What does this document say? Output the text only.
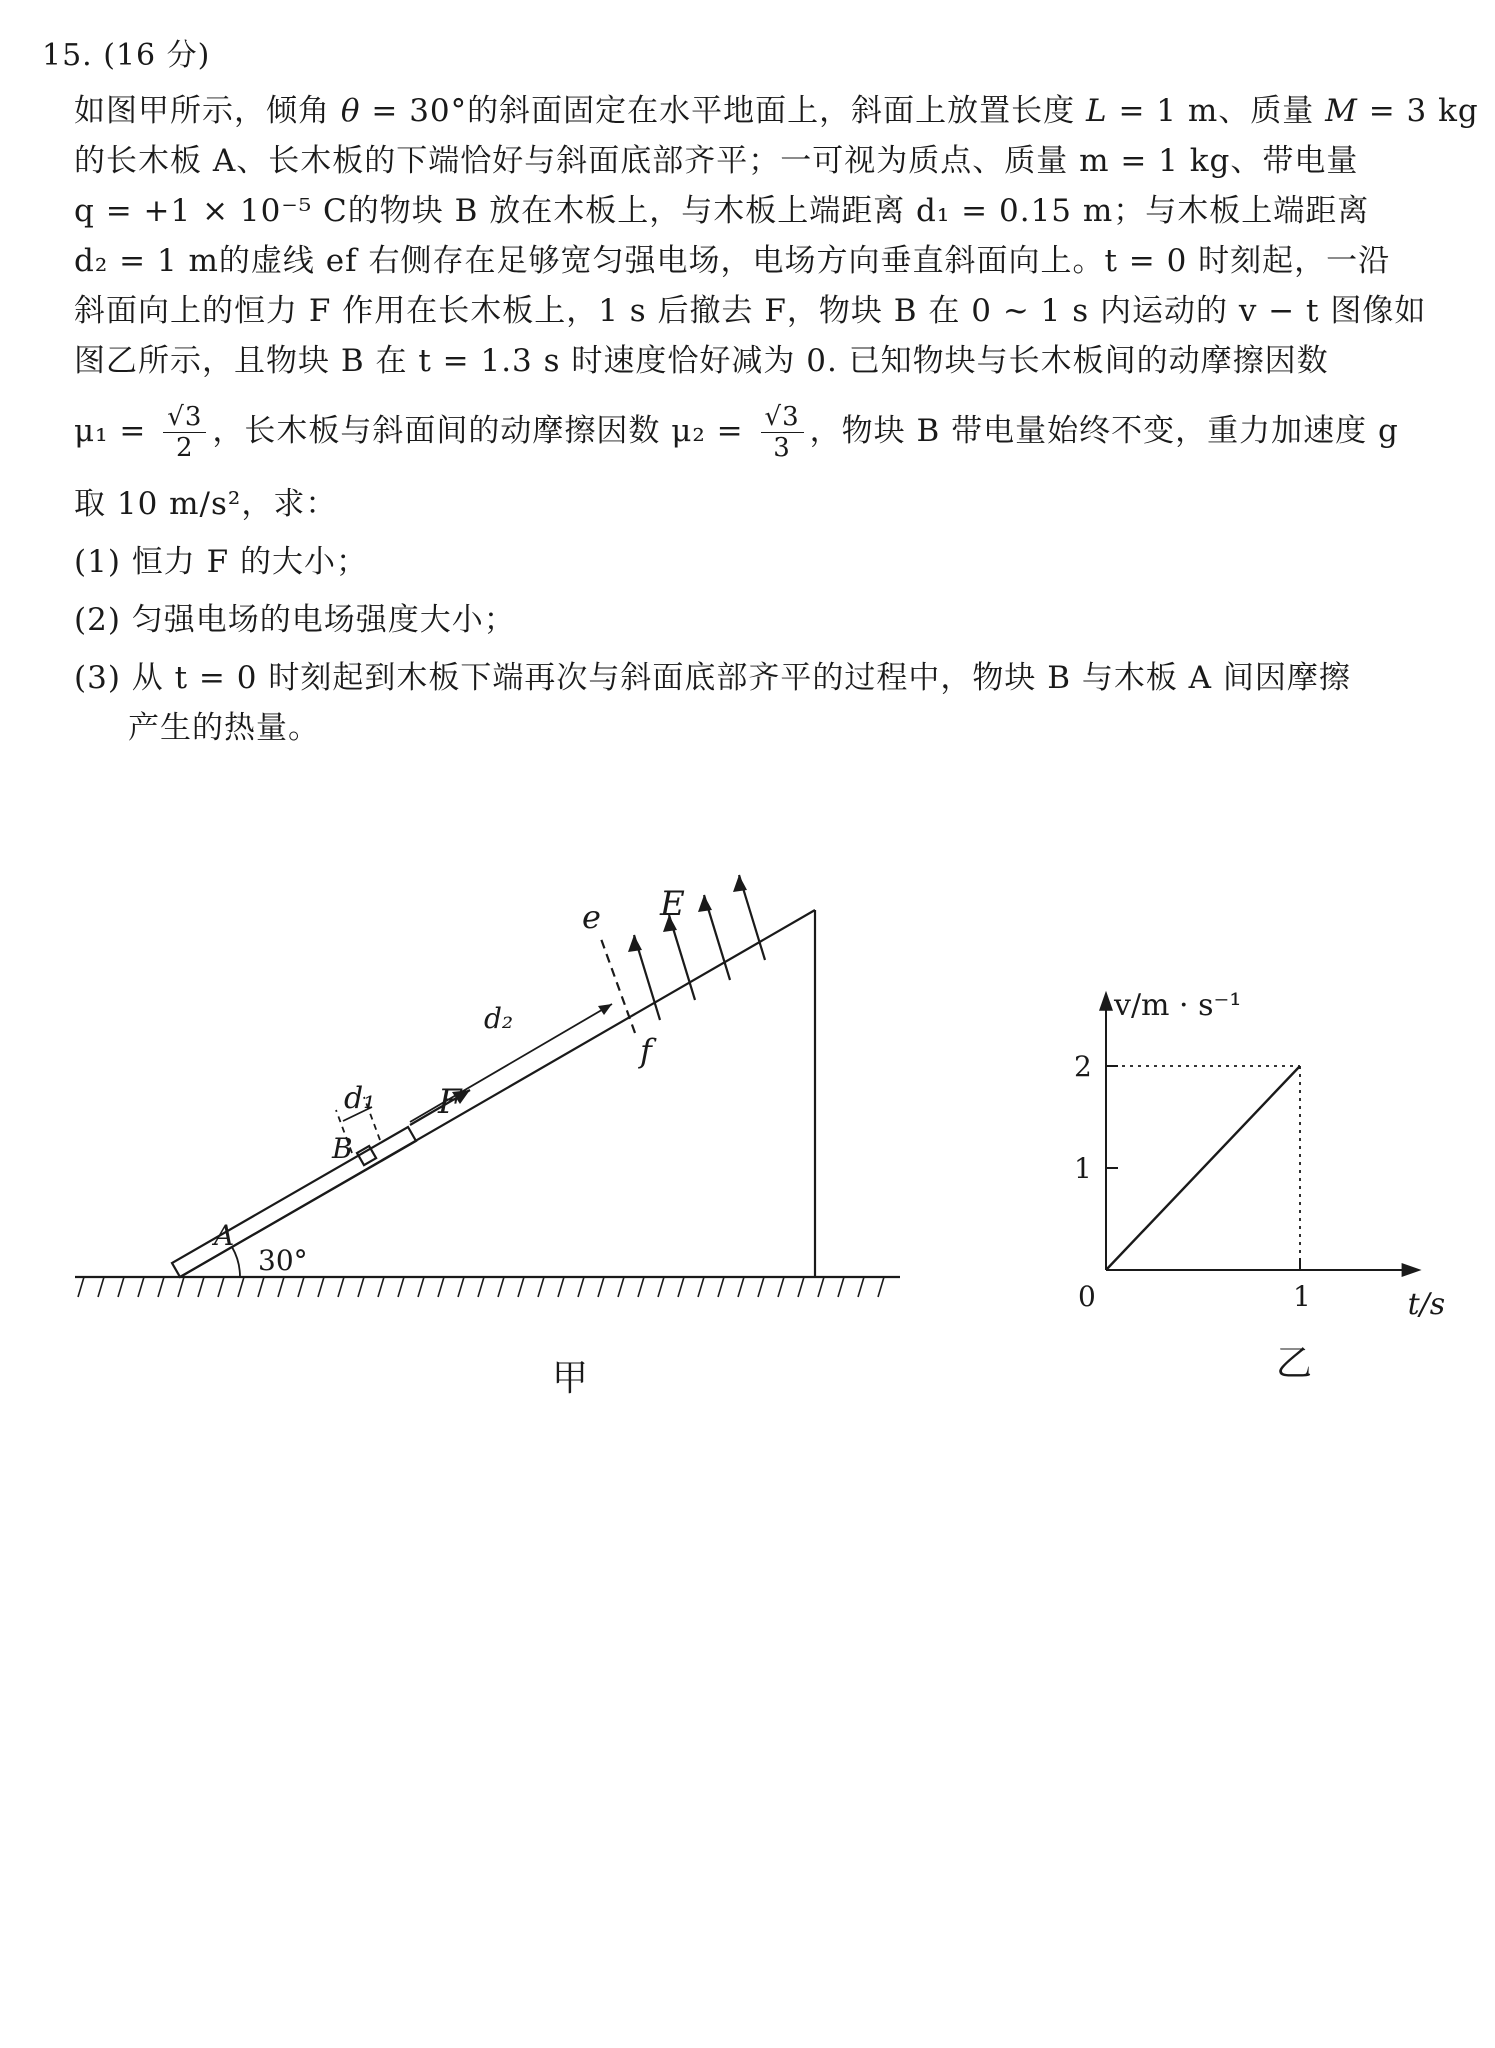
15. (16 分)
如图甲所示，倾角 θ = 30°的斜面固定在水平地面上，斜面上放置长度 L = 1 m、质量 M = 3 kg
的长木板 A、长木板的下端恰好与斜面底部齐平；一可视为质点、质量 m = 1 kg、带电量
q = +1 × 10⁻⁵ C的物块 B 放在木板上，与木板上端距离 d₁ = 0.15 m；与木板上端距离
d₂ = 1 m的虚线 ef 右侧存在足够宽匀强电场，电场方向垂直斜面向上。t = 0 时刻起，一沿
斜面向上的恒力 F 作用在长木板上，1 s 后撤去 F，物块 B 在 0 ~ 1 s 内运动的 v − t 图像如
图乙所示，且物块 B 在 t = 1.3 s 时速度恰好减为 0. 已知物块与长木板间的动摩擦因数
$\mu_1 = \frac{√3}{2}$ ，长木板与斜面间的动摩擦因数 $\mu_2 = \frac{√3}{3}$ ，物块 B 带电量始终不变，重力加速度 g
取 10 m/s²，求：
(1) 恒力 F 的大小；
(2) 匀强电场的电场强度大小；
(3) 从 t = 0 时刻起到木板下端再次与斜面底部齐平的过程中，物块 B 与木板 A 间因摩擦
产生的热量。
e
f
E
d₂
d₁ F
B
A
30°
甲
1
2
1
0
v/m · s⁻¹
t/s
乙
